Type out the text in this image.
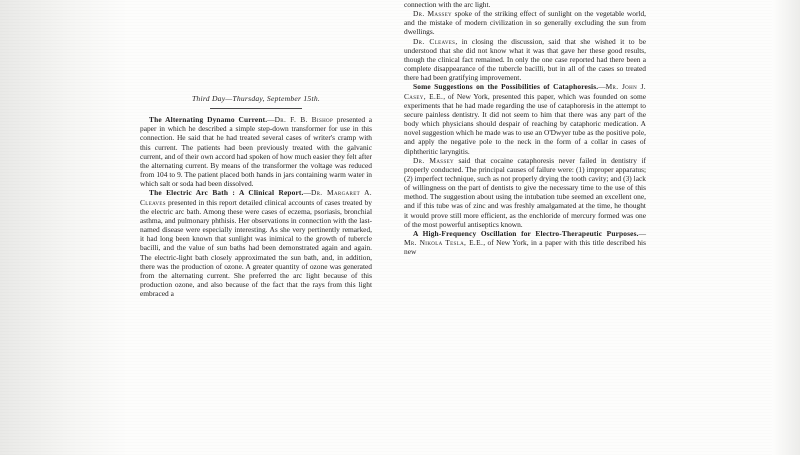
Third Day—Thursday, September 15th.

The Alternating Dynamo Current.—Dr. F. B. Bishop presented a paper in which he described a simple step-down transformer for use in this connection. He said that he had treated several cases of writer's cramp with this current. The patients had been previously treated with the galvanic current, and of their own accord had spoken of how much easier they felt after the alternating current. By means of the transformer the voltage was reduced from 104 to 9. The patient placed both hands in jars containing warm water in which salt or soda had been dissolved.

The Electric Arc Bath : A Clinical Report.—Dr. Margaret A. Cleaves presented in this report detailed clinical accounts of cases treated by the electric arc bath. Among these were cases of eczema, psoriasis, bronchial asthma, and pulmonary phthisis. Her observations in connection with the last-named disease were especially interesting. As she very pertinently remarked, it had long been known that sunlight was inimical to the growth of tubercle bacilli, and the value of sun baths had been demonstrated again and again. The electric-light bath closely approximated the sun bath, and, in addition, there was the production of ozone. A greater quantity of ozone was generated from the alternating current. She preferred the arc light because of this production ozone, and also because of the fact that the rays from this light embraced a

connection with the arc light.

Dr. Massey spoke of the striking effect of sunlight on the vegetable world, and the mistake of modern civilization in so generally excluding the sun from dwellings.

Dr. Cleaves, in closing the discussion, said that she wished it to be understood that she did not know what it was that gave her these good results, though the clinical fact remained. In only the one case reported had there been a complete disappearance of the tubercle bacilli, but in all of the cases so treated there had been gratifying improvement.

Some Suggestions on the Possibilities of Cataphoresis.—Mr. John J. Casey, E.E., of New York, presented this paper, which was founded on some experiments that he had made regarding the use of cataphoresis in the attempt to secure painless dentistry. It did not seem to him that there was any part of the body which physicians should despair of reaching by cataphoric medication. A novel suggestion which he made was to use an O'Dwyer tube as the positive pole, and apply the negative pole to the neck in the form of a collar in cases of diphtheritic laryngitis.

Dr. Massey said that cocaine cataphoresis never failed in dentistry if properly conducted. The principal causes of failure were: (1) improper apparatus; (2) imperfect technique, such as not properly drying the tooth cavity; and (3) lack of willingness on the part of dentists to give the necessary time to the use of this method. The suggestion about using the intubation tube seemed an excellent one, and if this tube was of zinc and was freshly amalgamated at the time, he thought it would prove still more efficient, as the enchloride of mercury formed was one of the most powerful antiseptics known.

A High-Frequency Oscillation for Electro-Therapeutic Purposes.—Mr. Nikola Tesla, E.E., of New York, in a paper with this title described his new
